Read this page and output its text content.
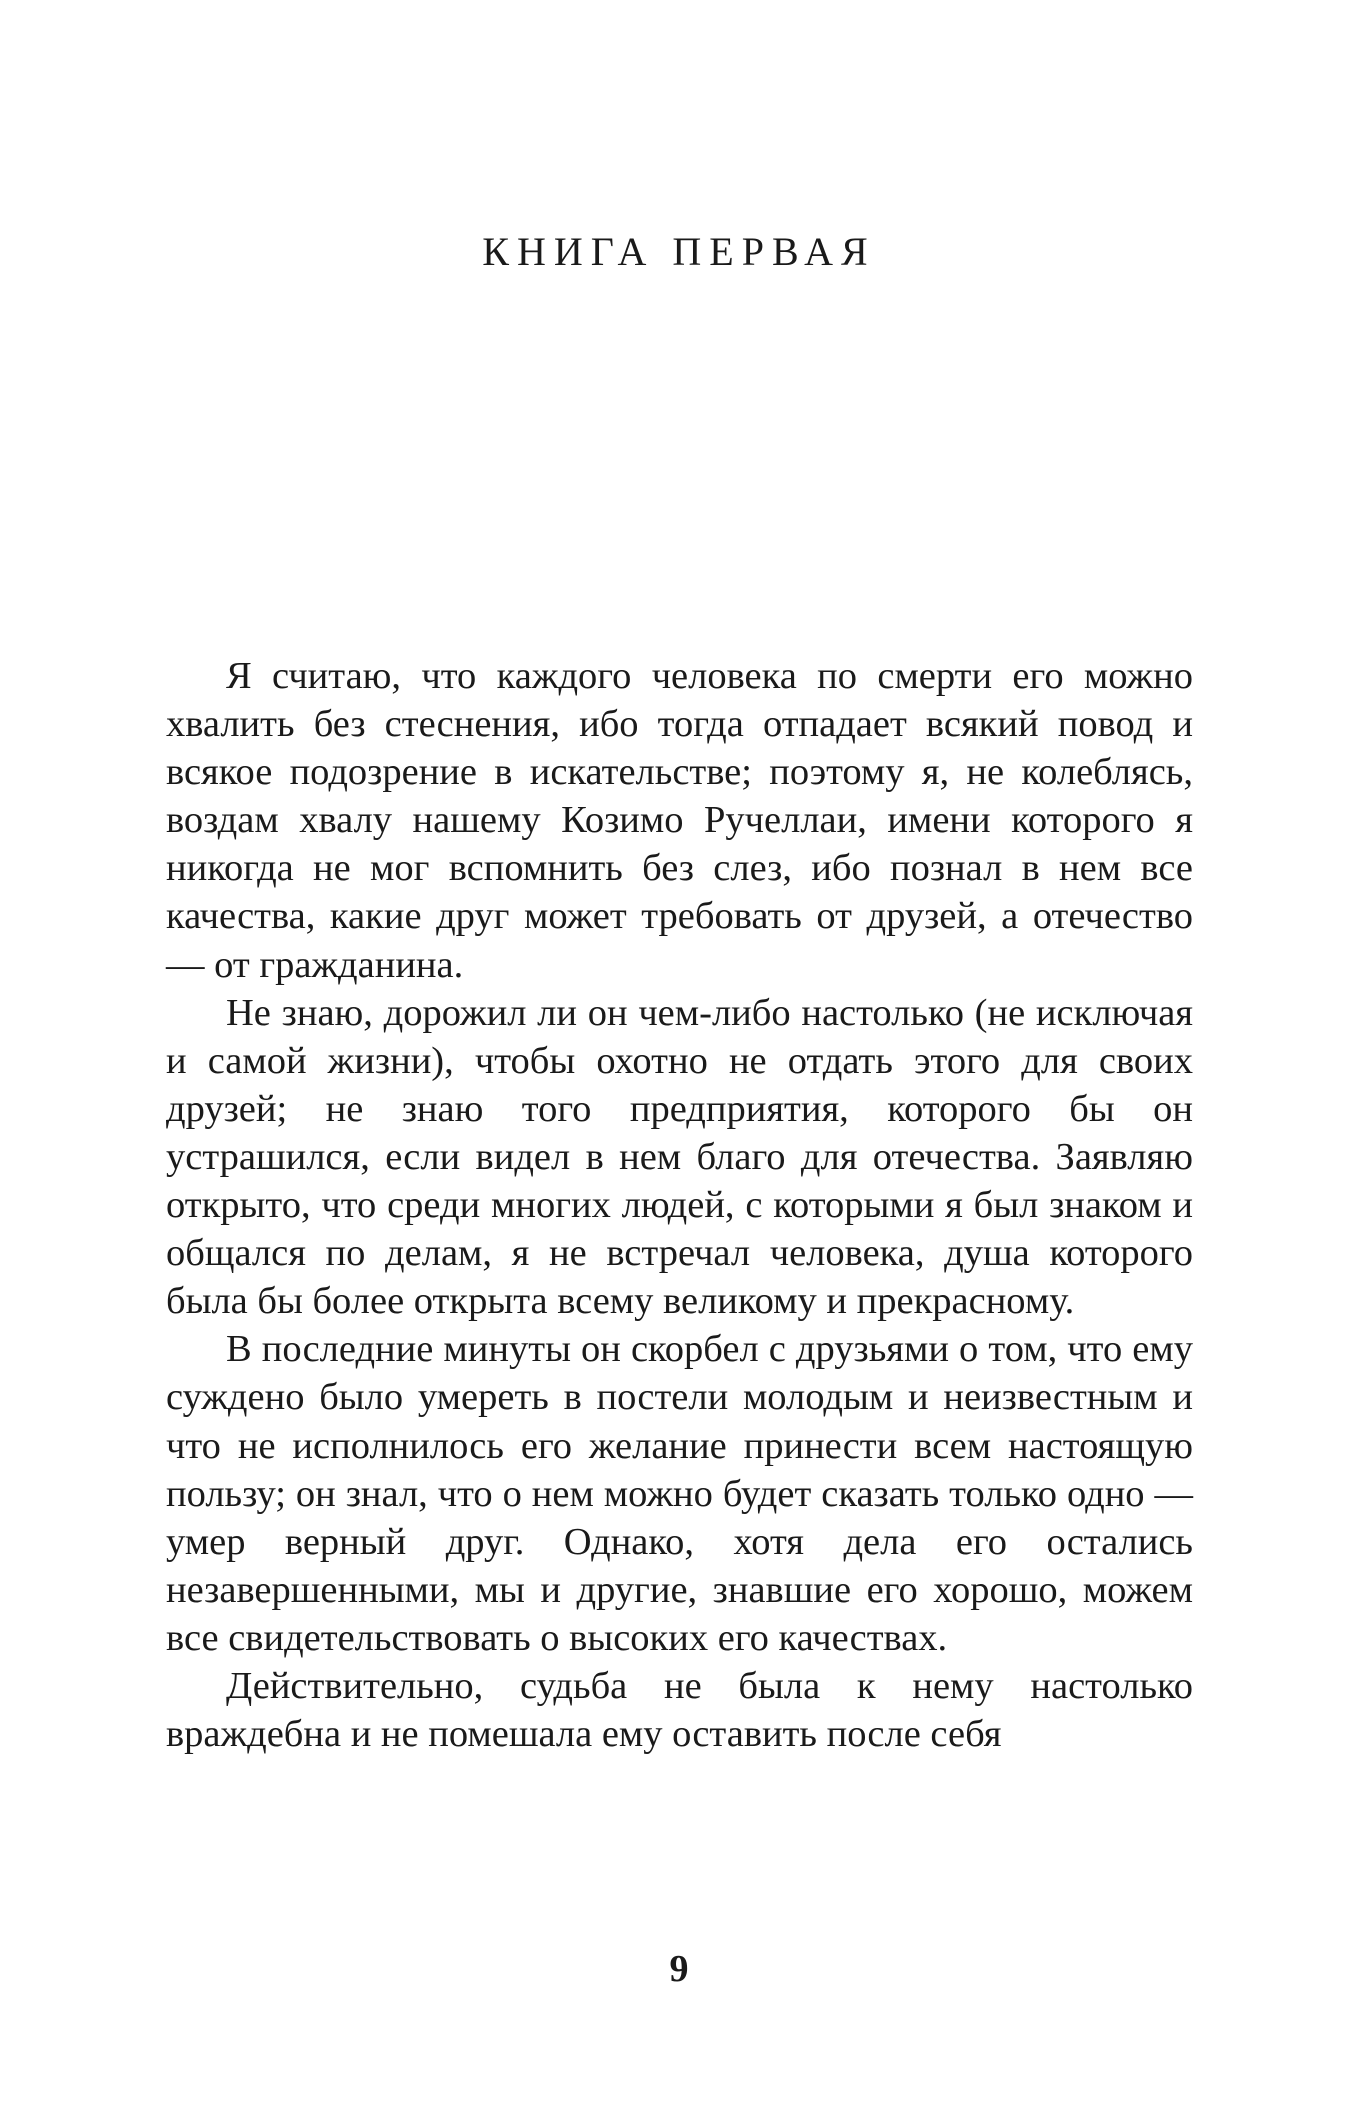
КНИГА ПЕРВАЯ

Я считаю, что каждого человека по смерти его можно хвалить без стеснения, ибо тогда отпадает всякий повод и всякое подозрение в искательстве; поэтому я, не колеблясь, воздам хвалу нашему Козимо Ручеллаи, имени которого я никогда не мог вспомнить без слез, ибо познал в нем все качества, какие друг может требовать от друзей, а отечество — от гражданина.

Не знаю, дорожил ли он чем-либо настолько (не исключая и самой жизни), чтобы охотно не отдать этого для своих друзей; не знаю того предприятия, которого бы он устрашился, если видел в нем благо для отечества. Заявляю открыто, что среди многих людей, с которыми я был знаком и общался по делам, я не встречал человека, душа которого была бы более открыта всему великому и прекрасному.

В последние минуты он скорбел с друзьями о том, что ему суждено было умереть в постели молодым и неизвестным и что не исполнилось его желание принести всем настоящую пользу; он знал, что о нем можно будет сказать только одно — умер верный друг. Однако, хотя дела его остались незавершенными, мы и другие, знавшие его хорошо, можем все свидетельствовать о высоких его качествах.

Действительно, судьба не была к нему настолько враждебна и не помешала ему оставить после себя

9
